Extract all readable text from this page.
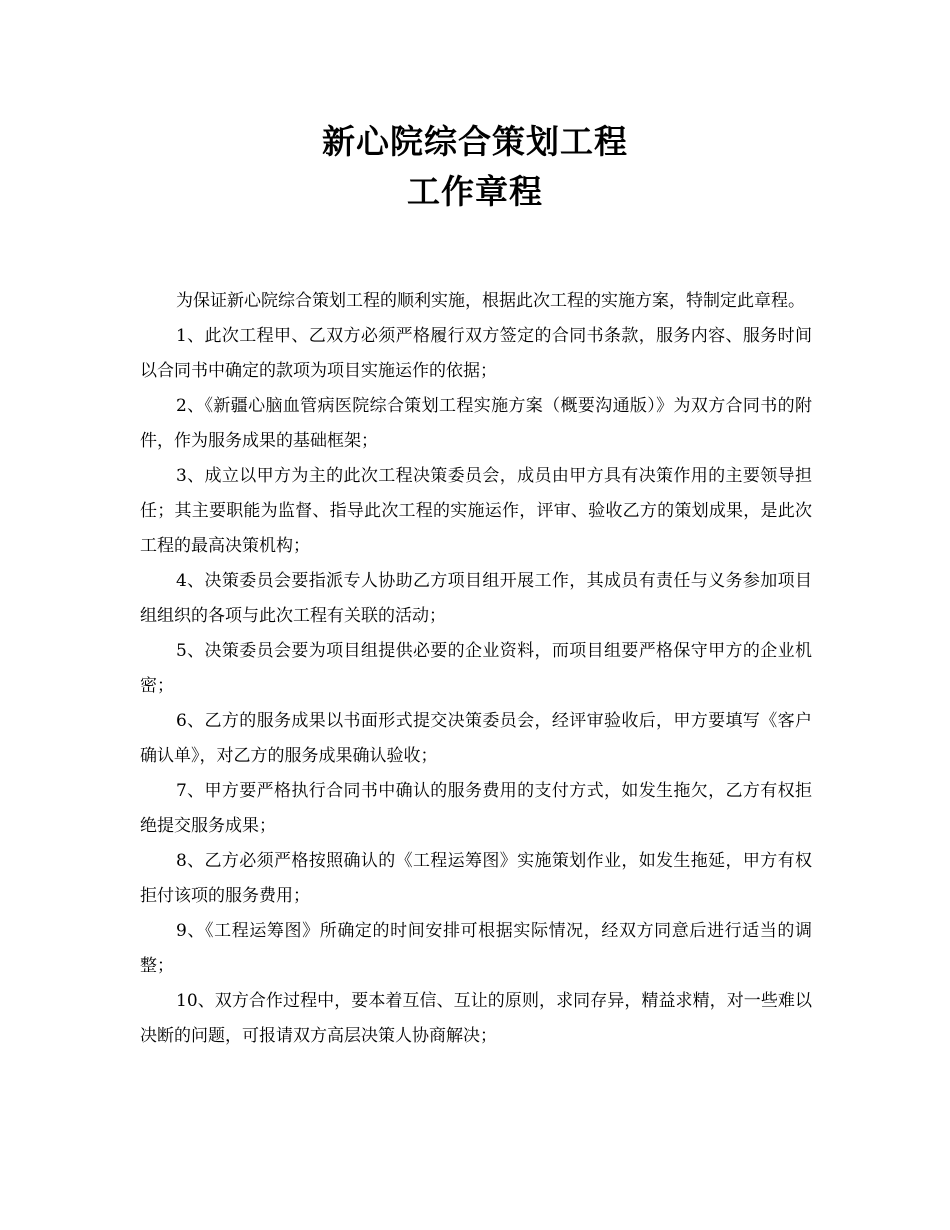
新心院综合策划工程
工作章程

为保证新心院综合策划工程的顺利实施，根据此次工程的实施方案，特制定此章程。

1、此次工程甲、乙双方必须严格履行双方签定的合同书条款，服务内容、服务时间以合同书中确定的款项为项目实施运作的依据；

2、《新疆心脑血管病医院综合策划工程实施方案（概要沟通版）》为双方合同书的附件，作为服务成果的基础框架；

3、成立以甲方为主的此次工程决策委员会，成员由甲方具有决策作用的主要领导担任；其主要职能为监督、指导此次工程的实施运作，评审、验收乙方的策划成果，是此次工程的最高决策机构；

4、决策委员会要指派专人协助乙方项目组开展工作，其成员有责任与义务参加项目组组织的各项与此次工程有关联的活动；

5、决策委员会要为项目组提供必要的企业资料，而项目组要严格保守甲方的企业机密；

6、乙方的服务成果以书面形式提交决策委员会，经评审验收后，甲方要填写《客户确认单》，对乙方的服务成果确认验收；

7、甲方要严格执行合同书中确认的服务费用的支付方式，如发生拖欠，乙方有权拒绝提交服务成果；

8、乙方必须严格按照确认的《工程运筹图》实施策划作业，如发生拖延，甲方有权拒付该项的服务费用；

9、《工程运筹图》所确定的时间安排可根据实际情况，经双方同意后进行适当的调整；

10、双方合作过程中，要本着互信、互让的原则，求同存异，精益求精，对一些难以决断的问题，可报请双方高层决策人协商解决；
